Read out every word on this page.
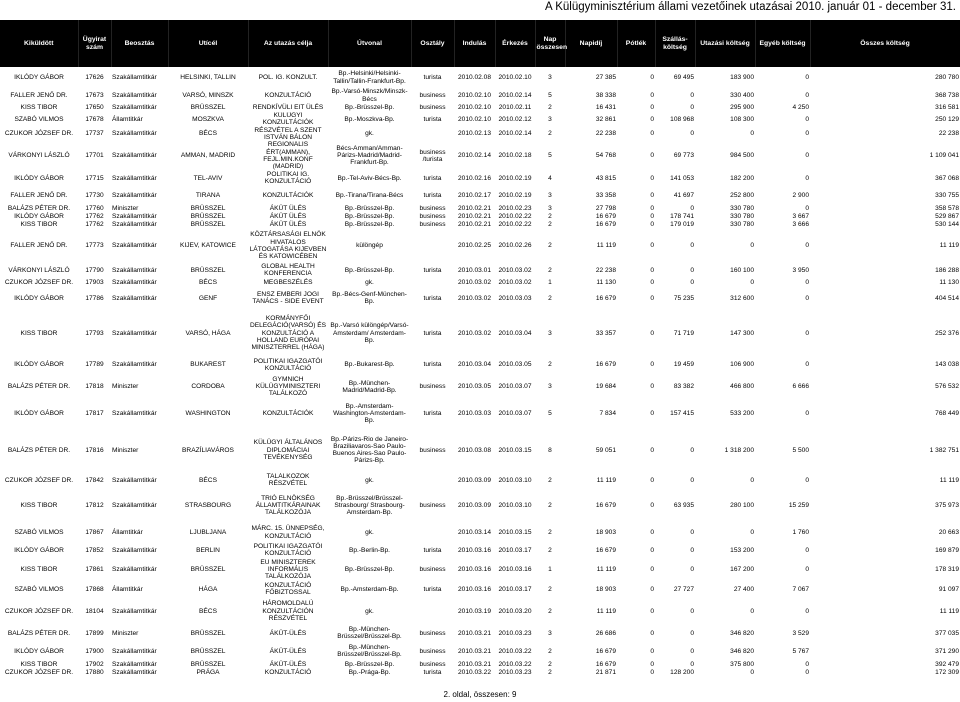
A Külügyminisztérium állami vezetőinek utazásai 2010. január 01 - december 31.
Kiküldött	Ügyirat szám	Beosztás	Utícél	Az utazás célja	Útvonal	Osztály	Indulás	Érkezés	Nap összesen	Napidíj	Pótlék	Szállás-költség	Utazási költség	Egyéb költség	Összes költség
IKLÓDY GÁBOR	17626	Szakállamtitkár	HELSINKI, TALLIN	POL. IG. KONZULT.	Bp.-Helsinki/Helsinki-Tallin/Tallin-Frankfurt-Bp.	turista	2010.02.08	2010.02.10	3	27 385	0	69 495	183 900	0	280 780
FALLER JENŐ DR.	17673	Szakállamtitkár	VARSÓ, MINSZK	KONZULTÁCIÓ	Bp.-Varsó-Minszk/Minszk-Bécs	business	2010.02.10	2010.02.14	5	38 338	0	0	330 400	0	368 738
KISS TIBOR	17650	Szakállamtitkár	BRÜSSZEL	RENDKÍVÜLI EIT ÜLÉS	Bp.-Brüsszel-Bp.	business	2010.02.10	2010.02.11	2	16 431	0	0	295 900	4 250	316 581
SZABÓ VILMOS	17678	Államtitkár	MOSZKVA	KÜLÜGYI KONZULTÁCIÓK	Bp.-Moszkva-Bp.	turista	2010.02.10	2010.02.12	3	32 861	0	108 968	108 300	0	250 129
CZUKOR JÓZSEF DR.	17737	Szakállamtitkár	BÉCS	RÉSZVÉTEL A SZENT ISTVÁN BÁLON	gk.		2010.02.13	2010.02.14	2	22 238	0	0	0	0	22 238
VÁRKONYI LÁSZLÓ	17701	Szakállamtitkár	AMMAN, MADRID	REGIONÁLIS ÉRT(AMMAN), FEJL.MIN.KONF (MADRID)	Bécs-Amman/Amman-Párizs-Madrid/Madrid-Frankfurt-Bp.	business /turista	2010.02.14	2010.02.18	5	54 768	0	69 773	984 500	0	1 109 041
IKLÓDY GÁBOR	17715	Szakállamtitkár	TEL-AVIV	POLITIKAI IG. KONZULTÁCIÓ	Bp.-Tel-Aviv-Bécs-Bp.	turista	2010.02.16	2010.02.19	4	43 815	0	141 053	182 200	0	367 068
FALLER JENŐ DR.	17730	Szakállamtitkár	TIRANA	KONZULTÁCIÓK	Bp.-Tirana/Tirana-Bécs	turista	2010.02.17	2010.02.19	3	33 358	0	41 697	252 800	2 900	330 755
BALÁZS PÉTER DR.	17760	Miniszter	BRÜSSZEL	ÁKÜT ÜLÉS	Bp.-Brüsszel-Bp.	business	2010.02.21	2010.02.23	3	27 798	0	0	330 780	0	358 578
IKLÓDY GÁBOR	17762	Szakállamtitkár	BRÜSSZEL	ÁKÜT ÜLÉS	Bp.-Brüsszel-Bp.	business	2010.02.21	2010.02.22	2	16 679	0	178 741	330 780	3 667	529 867
KISS TIBOR	17762	Szakállamtitkár	BRÜSSZEL	ÁKÜT ÜLÉS	Bp.-Brüsszel-Bp.	business	2010.02.21	2010.02.22	2	16 679	0	179 019	330 780	3 666	530 144
FALLER JENŐ DR.	17773	Szakállamtitkár	KIJEV, KATOWICE	KÖZTÁRSASÁGI ELNÖK HIVATALOS LÁTOGATÁSA KIJEVBEN ÉS KATOWICÉBEN	különgép		2010.02.25	2010.02.26	2	11 119	0	0	0	0	11 119
VÁRKONYI LÁSZLÓ	17790	Szakállamtitkár	BRÜSSZEL	GLOBAL HEALTH KONFERENCIA	Bp.-Brüsszel-Bp.	turista	2010.03.01	2010.03.02	2	22 238	0	0	160 100	3 950	186 288
CZUKOR JÓZSEF DR.	17903	Szakállamtitkár	BÉCS	MEGBESZÉLÉS	gk.		2010.03.02	2010.03.02	1	11 130	0	0	0	0	11 130
IKLÓDY GÁBOR	17786	Szakállamtitkár	GENF	ENSZ EMBERI JOGI TANÁCS - SIDE EVENT	Bp.-Bécs-Genf-München-Bp.	turista	2010.03.02	2010.03.03	2	16 679	0	75 235	312 600	0	404 514
KISS TIBOR	17793	Szakállamtitkár	VARSÓ, HÁGA	KORMÁNYFŐI DELEGÁCIÓ(VARSÓ) ÉS KONZULTÁCIÓ A HOLLAND EURÓPAI MINISZTERREL (HÁGA)	Bp.-Varsó különgép/Varsó-Amsterdam/ Amsterdam-Bp.	turista	2010.03.02	2010.03.04	3	33 357	0	71 719	147 300	0	252 376
IKLÓDY GÁBOR	17789	Szakállamtitkár	BUKAREST	POLITIKAI IGAZGATÓI KONZULTÁCIÓ	Bp.-Bukarest-Bp.	turista	2010.03.04	2010.03.05	2	16 679	0	19 459	106 900	0	143 038
BALÁZS PÉTER DR.	17818	Miniszter	CORDOBA	GYMNICH KÜLÜGYMINISZTERI TALÁLKOZÓ	Bp.-München-Madrid/Madrid-Bp.	business	2010.03.05	2010.03.07	3	19 684	0	83 382	466 800	6 666	576 532
IKLÓDY GÁBOR	17817	Szakállamtitkár	WASHINGTON	KONZULTÁCIÓK	Bp.-Amsterdam-Washington-Amsterdam-Bp.	turista	2010.03.03	2010.03.07	5	7 834	0	157 415	533 200	0	768 449
BALÁZS PÉTER DR.	17816	Miniszter	BRAZÍLIAVÁROS	KÜLÜGYI ÁLTALÁNOS DIPLOMÁCIAI TEVÉKENYSÉG	Bp.-Párizs-Rio de Janeiro-Braziliavaros-Sao Paulo-Buenos Aires-Sao Paulo-Párizs-Bp.	business	2010.03.08	2010.03.15	8	59 051	0	0	1 318 200	5 500	1 382 751
CZUKOR JÓZSEF DR.	17842	Szakállamtitkár	BÉCS	TALÁLKOZÓK RÉSZVÉTEL	gk.		2010.03.09	2010.03.10	2	11 119	0	0	0	0	11 119
KISS TIBOR	17812	Szakállamtitkár	STRASBOURG	TRIÓ ELNÖKSÉG ÁLLAMTITKÁRAINAK TALÁLKOZÓJA	Bp.-Brüsszel/Brüsszel-Strasbourg/ Strasbourg-Amsterdam-Bp.	business	2010.03.09	2010.03.10	2	16 679	0	63 935	280 100	15 259	375 973
SZABÓ VILMOS	17867	Államtitkár	LJUBLJANA	MÁRC. 15. ÜNNEPSÉG, KONZULTÁCIÓ	gk.		2010.03.14	2010.03.15	2	18 903	0	0	0	1 760	20 663
IKLÓDY GÁBOR	17852	Szakállamtitkár	BERLIN	POLITIKAI IGAZGATÓI KONZULTÁCIÓ	Bp.-Berlin-Bp.	turista	2010.03.16	2010.03.17	2	16 679	0	0	153 200	0	169 879
KISS TIBOR	17861	Szakállamtitkár	BRÜSSZEL	EU MINISZTEREK INFORMÁLIS TALÁLKOZÓJA	Bp.-Brüsszel-Bp.	business	2010.03.16	2010.03.16	1	11 119	0	0	167 200	0	178 319
SZABÓ VILMOS	17868	Államtitkár	HÁGA	KONZULTÁCIÓ FŐBIZTOSSAL	Bp.-Amsterdam-Bp.	turista	2010.03.16	2010.03.17	2	18 903	0	27 727	27 400	7 067	91 097
CZUKOR JÓZSEF DR.	18104	Szakállamtitkár	BÉCS	HÁROMOLDALÚ KONZULTÁCIÓN RÉSZVÉTEL	gk.		2010.03.19	2010.03.20	2	11 119	0	0	0	0	11 119
BALÁZS PÉTER DR.	17899	Miniszter	BRÜSSZEL	ÁKÜT-ÜLÉS	Bp.-München-Brüsszel/Brüsszel-Bp.	business	2010.03.21	2010.03.23	3	26 686	0	0	346 820	3 529	377 035
IKLÓDY GÁBOR	17900	Szakállamtitkár	BRÜSSZEL	ÁKÜT-ÜLÉS	Bp.-München-Brüsszel/Brüsszel-Bp.	business	2010.03.21	2010.03.22	2	16 679	0	0	346 820	5 767	371 290
KISS TIBOR	17902	Szakállamtitkár	BRÜSSZEL	ÁKÜT-ÜLÉS	Bp.-Brüsszel-Bp.	business	2010.03.21	2010.03.22	2	16 679	0	0	375 800	0	392 479
CZUKOR JÓZSEF DR.	17880	Szakállamtitkár	PRÁGA	KONZULTÁCIÓ	Bp.-Prága-Bp.	turista	2010.03.22	2010.03.23	2	21 871	0	128 200	0	0	172 309
2. oldal, összesen: 9
